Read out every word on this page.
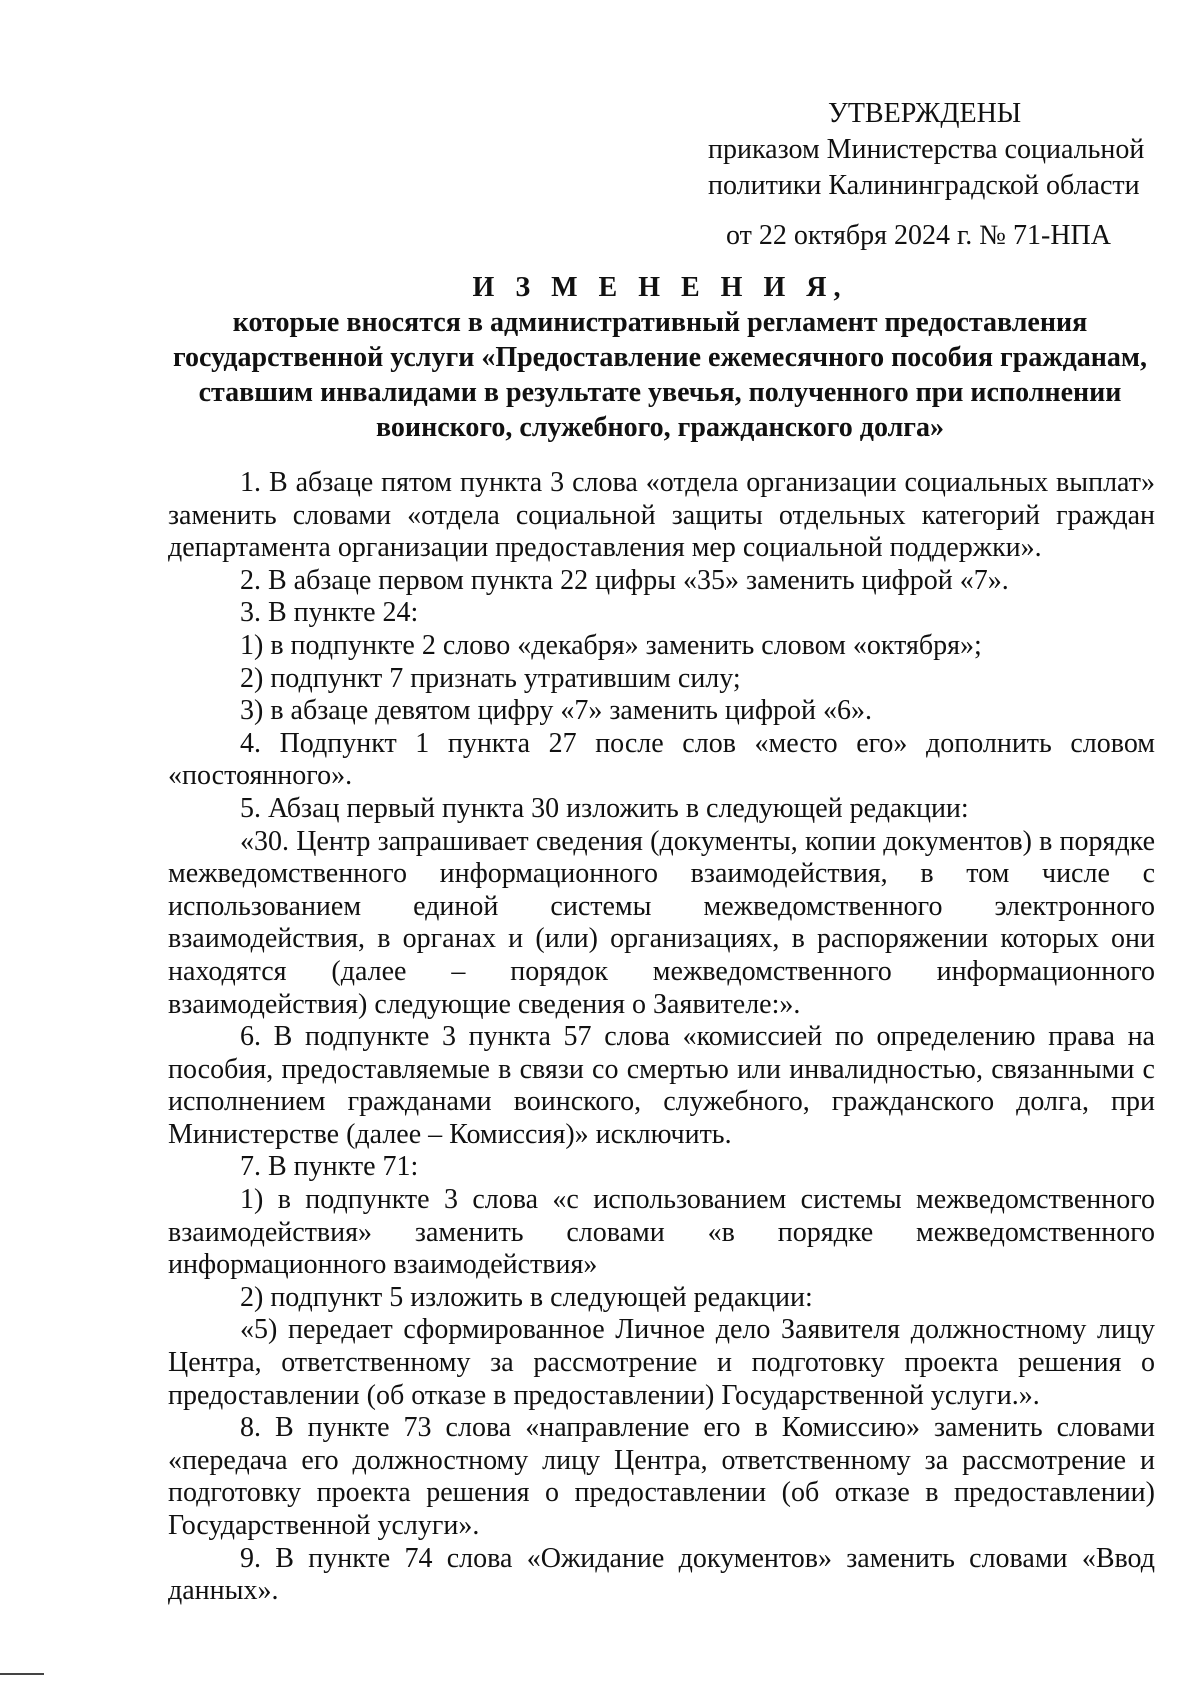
УТВЕРЖДЕНЫ
приказом Министерства социальной
политики Калининградской области
от 22 октября 2024 г. № 71-НПА
И З М Е Н Е Н И Я,
которые вносятся в административный регламент предоставления государственной услуги «Предоставление ежемесячного пособия гражданам, ставшим инвалидами в результате увечья, полученного при исполнении воинского, служебного, гражданского долга»

1. В абзаце пятом пункта 3 слова «отдела организации социальных выплат» заменить словами «отдела социальной защиты отдельных категорий граждан департамента организации предоставления мер социальной поддержки».

2. В абзаце первом пункта 22 цифры «35» заменить цифрой «7».

3. В пункте 24:

1) в подпункте 2 слово «декабря» заменить словом «октября»;

2) подпункт 7 признать утратившим силу;

3) в абзаце девятом цифру «7» заменить цифрой «6».

4. Подпункт 1 пункта 27 после слов «место его» дополнить словом «постоянного».

5. Абзац первый пункта 30 изложить в следующей редакции:

«30. Центр запрашивает сведения (документы, копии документов) в порядке межведомственного информационного взаимодействия, в том числе с использованием единой системы межведомственного электронного взаимодействия, в органах и (или) организациях, в распоряжении которых они находятся (далее – порядок межведомственного информационного взаимодействия) следующие сведения о Заявителе:».

6. В подпункте 3 пункта 57 слова «комиссией по определению права на пособия, предоставляемые в связи со смертью или инвалидностью, связанными с исполнением гражданами воинского, служебного, гражданского долга, при Министерстве (далее – Комиссия)» исключить.

7. В пункте 71:

1) в подпункте 3 слова «с использованием системы межведомственного взаимодействия» заменить словами «в порядке межведомственного информационного взаимодействия»

2) подпункт 5 изложить в следующей редакции:

«5) передает сформированное Личное дело Заявителя должностному лицу Центра, ответственному за рассмотрение и подготовку проекта решения о предоставлении (об отказе в предоставлении) Государственной услуги.».

8. В пункте 73 слова «направление его в Комиссию» заменить словами «передача его должностному лицу Центра, ответственному за рассмотрение и подготовку проекта решения о предоставлении (об отказе в предоставлении) Государственной услуги».

9. В пункте 74 слова «Ожидание документов» заменить словами «Ввод данных».
